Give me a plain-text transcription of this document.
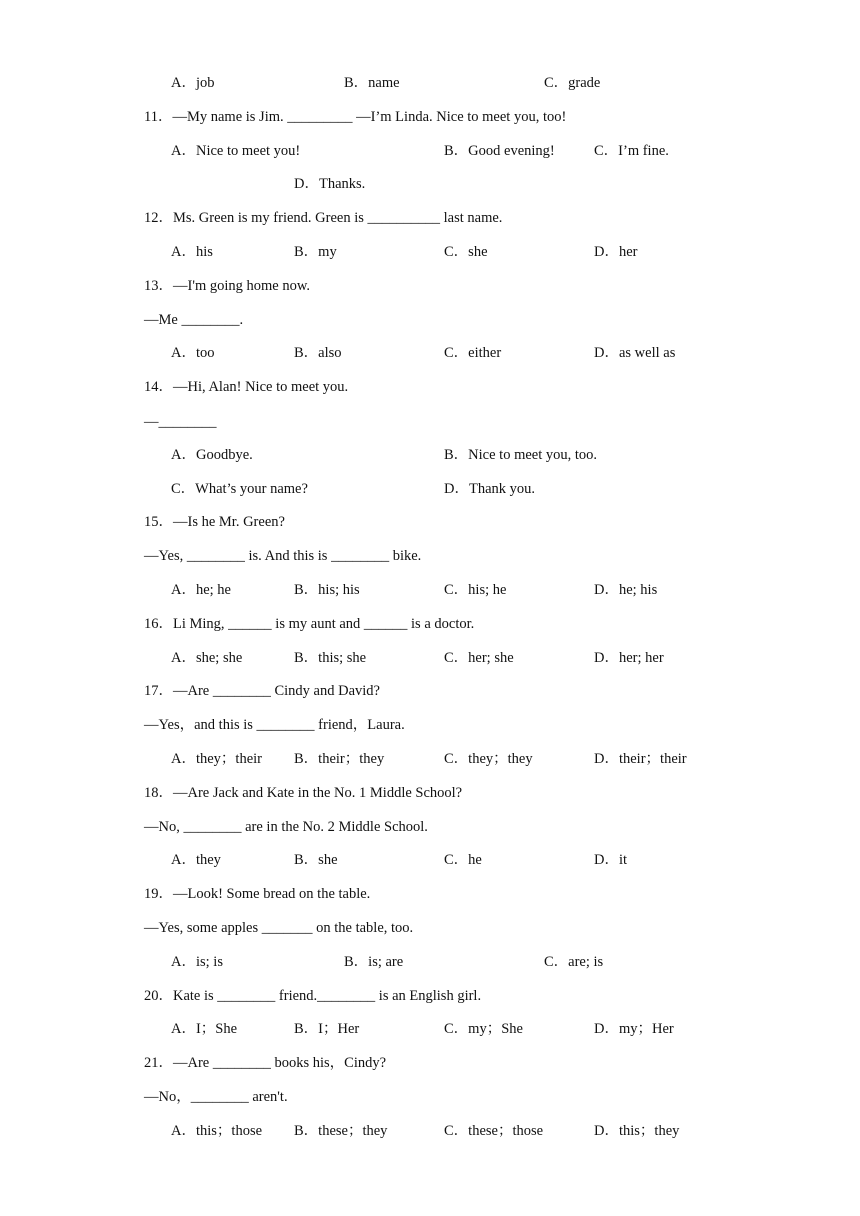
A．job	B．name	C．grade
11．—My name is Jim. _________ —I’m Linda. Nice to meet you, too!
A．Nice to meet you!	B．Good evening!	C．I’m fine.
D．Thanks.
12．Ms. Green is my friend. Green is __________ last name.
A．his	B．my	C．she	D．her
13．—I'm going home now.
—Me ________.
A．too	B．also	C．either	D．as well as
14．—Hi, Alan! Nice to meet you.
—________
A．Goodbye.	B．Nice to meet you, too.
C．What’s your name?	D．Thank you.
15．—Is he Mr. Green?
—Yes, ________ is. And this is ________ bike.
A．he; he	B．his; his	C．his; he	D．he; his
16．Li Ming, ______ is my aunt and ______ is a doctor.
A．she; she	B．this; she	C．her; she	D．her; her
17．—Are ________ Cindy and David?
—Yes，and this is ________ friend，Laura.
A．they；their B．their；they	C．they；they	D．their；their
18．—Are Jack and Kate in the No. 1 Middle School?
—No, ________ are in the No. 2 Middle School.
A．they	B．she	C．he	D．it
19．—Look! Some bread on the table.
—Yes, some apples _______ on the table, too.
A．is; is	B．is; are	C．are; is
20．Kate is ________ friend.________ is an English girl.
A．I；She	B．I；Her	C．my；She	D．my；Her
21．—Are ________ books his，Cindy?
—No，________ aren't.
A．this；those B．these；they	C．these；those	D．this；they
